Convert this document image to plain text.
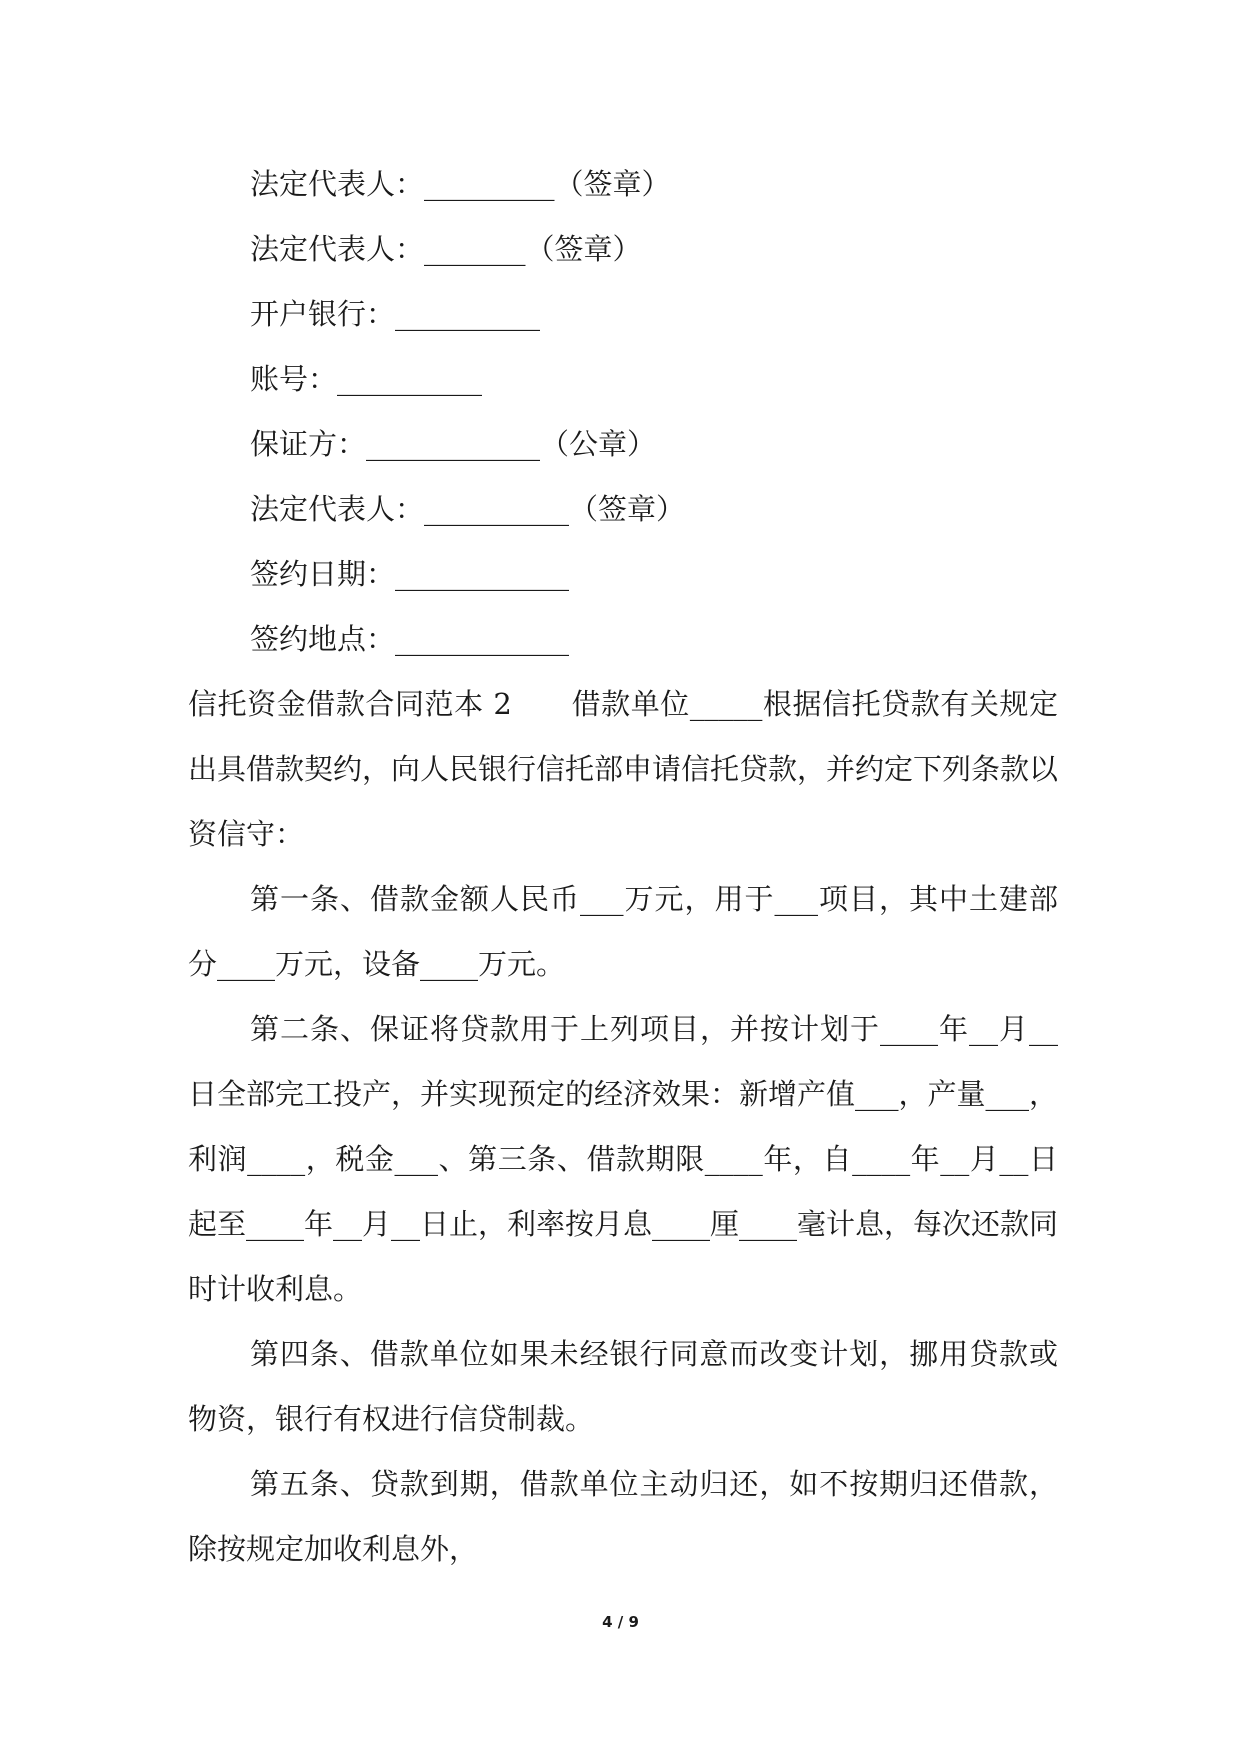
法定代表人：_________（签章）
法定代表人：_______（签章）
开户银行：__________
账号：__________
保证方：____________（公章）
法定代表人：__________（签章）
签约日期：____________
签约地点：____________

信托资金借款合同范本 2　　借款单位_____根据信托贷款有关规定出具借款契约，向人民银行信托部申请信托贷款，并约定下列条款以资信守：

第一条、借款金额人民币___万元，用于___项目，其中土建部分____万元，设备____万元。

第二条、保证将贷款用于上列项目，并按计划于____年__月__日全部完工投产，并实现预定的经济效果：新增产值___，产量___，利润____，税金___、第三条、借款期限____年，自____年__月__日起至____年__月__日止，利率按月息____厘____毫计息，每次还款同时计收利息。

第四条、借款单位如果未经银行同意而改变计划，挪用贷款或物资，银行有权进行信贷制裁。

第五条、贷款到期，借款单位主动归还，如不按期归还借款，除按规定加收利息外，

4 / 9
